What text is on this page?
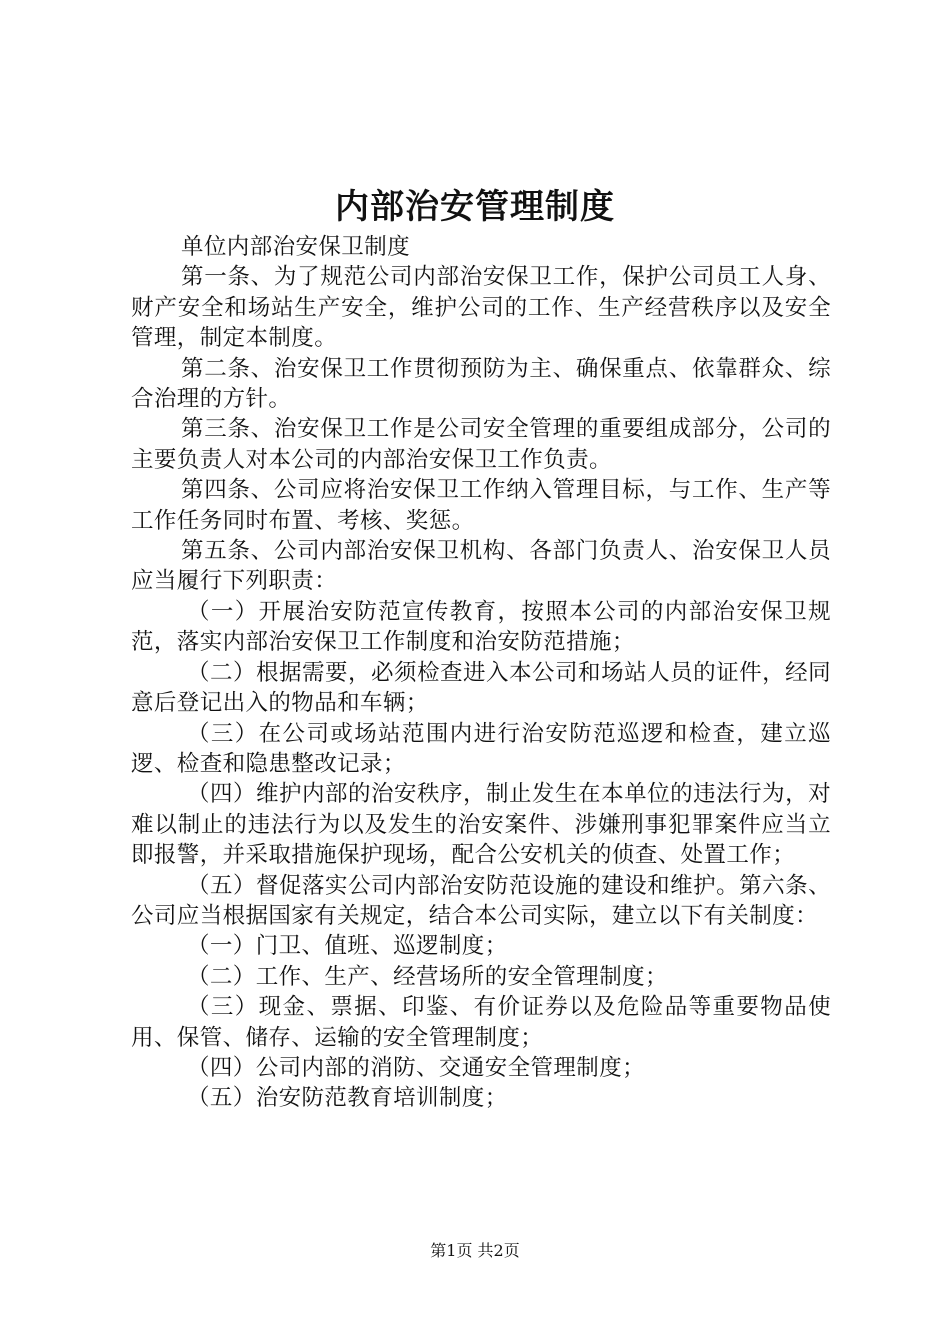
内部治安管理制度

单位内部治安保卫制度

第一条、为了规范公司内部治安保卫工作，保护公司员工人身、财产安全和场站生产安全，维护公司的工作、生产经营秩序以及安全管理，制定本制度。

第二条、治安保卫工作贯彻预防为主、确保重点、依靠群众、综合治理的方针。

第三条、治安保卫工作是公司安全管理的重要组成部分，公司的主要负责人对本公司的内部治安保卫工作负责。

第四条、公司应将治安保卫工作纳入管理目标，与工作、生产等工作任务同时布置、考核、奖惩。

第五条、公司内部治安保卫机构、各部门负责人、治安保卫人员应当履行下列职责：

（一）开展治安防范宣传教育，按照本公司的内部治安保卫规范，落实内部治安保卫工作制度和治安防范措施；

（二）根据需要，必须检查进入本公司和场站人员的证件，经同意后登记出入的物品和车辆；

（三）在公司或场站范围内进行治安防范巡逻和检查，建立巡逻、检查和隐患整改记录；

（四）维护内部的治安秩序，制止发生在本单位的违法行为，对难以制止的违法行为以及发生的治安案件、涉嫌刑事犯罪案件应当立即报警，并采取措施保护现场，配合公安机关的侦查、处置工作；

（五）督促落实公司内部治安防范设施的建设和维护。第六条、公司应当根据国家有关规定，结合本公司实际，建立以下有关制度：

（一）门卫、值班、巡逻制度；

（二）工作、生产、经营场所的安全管理制度；

（三）现金、票据、印鉴、有价证券以及危险品等重要物品使用、保管、储存、运输的安全管理制度；

（四）公司内部的消防、交通安全管理制度；

（五）治安防范教育培训制度；

第1页 共2页
